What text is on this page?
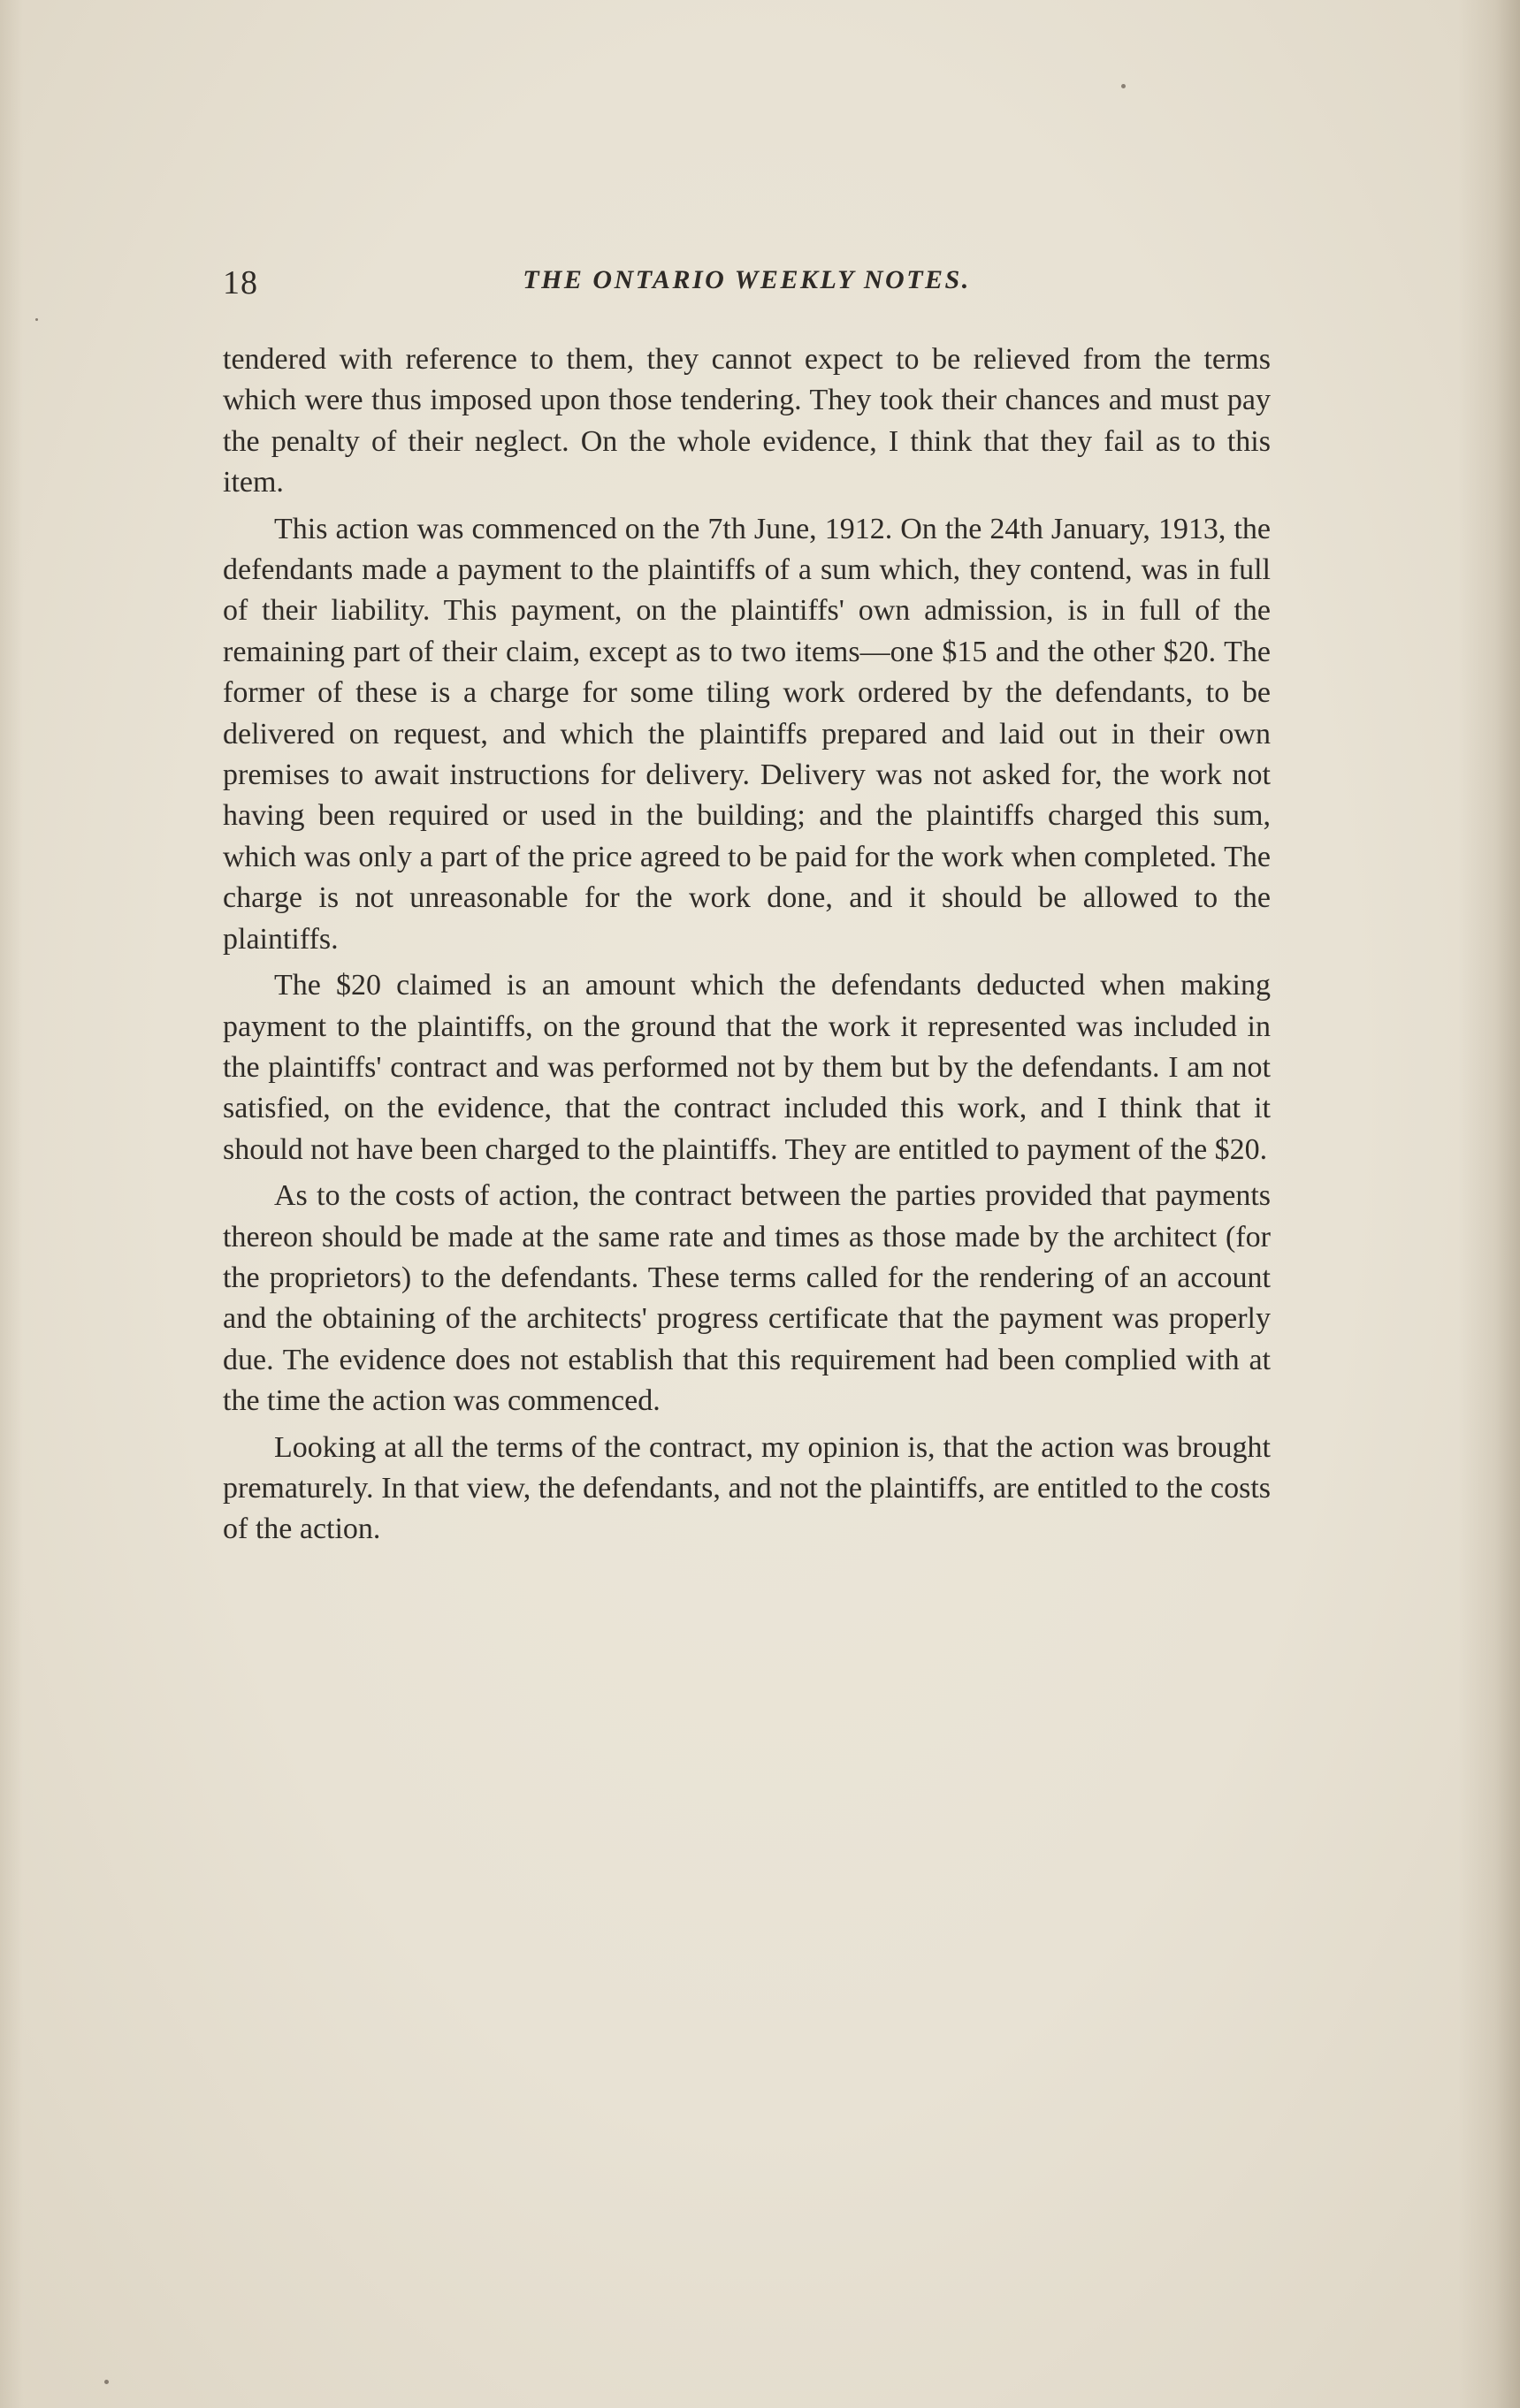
18	THE ONTARIO WEEKLY NOTES.

tendered with reference to them, they cannot expect to be relieved from the terms which were thus imposed upon those tendering. They took their chances and must pay the penalty of their neglect. On the whole evidence, I think that they fail as to this item.

This action was commenced on the 7th June, 1912. On the 24th January, 1913, the defendants made a payment to the plaintiffs of a sum which, they contend, was in full of their liability. This payment, on the plaintiffs' own admission, is in full of the remaining part of their claim, except as to two items—one $15 and the other $20. The former of these is a charge for some tiling work ordered by the defendants, to be delivered on request, and which the plaintiffs prepared and laid out in their own premises to await instructions for delivery. Delivery was not asked for, the work not having been required or used in the building; and the plaintiffs charged this sum, which was only a part of the price agreed to be paid for the work when completed. The charge is not unreasonable for the work done, and it should be allowed to the plaintiffs.

The $20 claimed is an amount which the defendants deducted when making payment to the plaintiffs, on the ground that the work it represented was included in the plaintiffs' contract and was performed not by them but by the defendants. I am not satisfied, on the evidence, that the contract included this work, and I think that it should not have been charged to the plaintiffs. They are entitled to payment of the $20.

As to the costs of action, the contract between the parties provided that payments thereon should be made at the same rate and times as those made by the architect (for the proprietors) to the defendants. These terms called for the rendering of an account and the obtaining of the architects' progress certificate that the payment was properly due. The evidence does not establish that this requirement had been complied with at the time the action was commenced.

Looking at all the terms of the contract, my opinion is, that the action was brought prematurely. In that view, the defendants, and not the plaintiffs, are entitled to the costs of the action.
